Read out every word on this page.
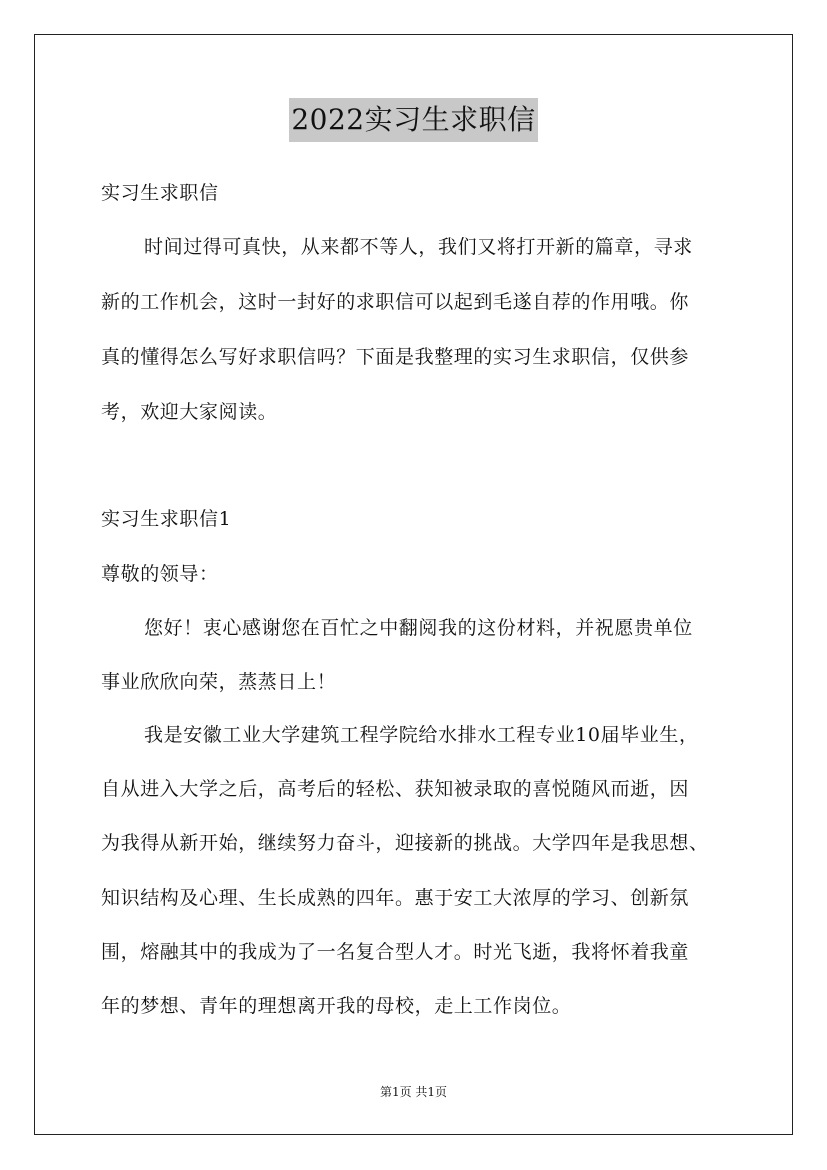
2022实习生求职信
实习生求职信
时间过得可真快，从来都不等人，我们又将打开新的篇章，寻求
新的工作机会，这时一封好的求职信可以起到毛遂自荐的作用哦。你
真的懂得怎么写好求职信吗？下面是我整理的实习生求职信，仅供参
考，欢迎大家阅读。
实习生求职信1
尊敬的领导：
您好！衷心感谢您在百忙之中翻阅我的这份材料，并祝愿贵单位
事业欣欣向荣，蒸蒸日上！
我是安徽工业大学建筑工程学院给水排水工程专业10届毕业生，
自从进入大学之后，高考后的轻松、获知被录取的喜悦随风而逝，因
为我得从新开始，继续努力奋斗，迎接新的挑战。大学四年是我思想、
知识结构及心理、生长成熟的四年。惠于安工大浓厚的学习、创新氛
围，熔融其中的我成为了一名复合型人才。时光飞逝，我将怀着我童
年的梦想、青年的理想离开我的母校，走上工作岗位。
第1页 共1页
